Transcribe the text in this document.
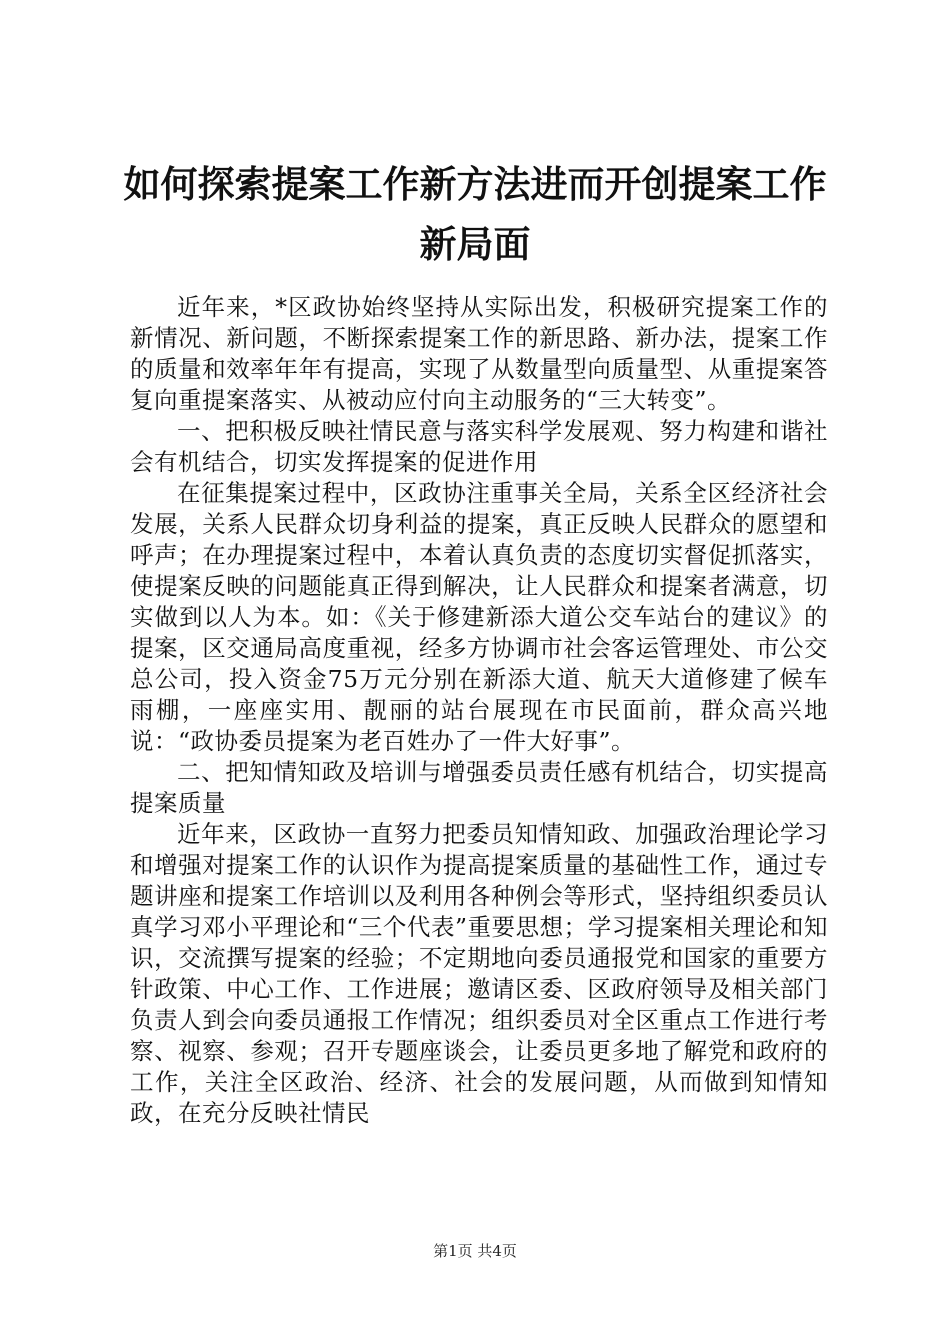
如何探索提案工作新方法进而开创提案工作新局面

近年来，*区政协始终坚持从实际出发，积极研究提案工作的新情况、新问题，不断探索提案工作的新思路、新办法，提案工作的质量和效率年年有提高，实现了从数量型向质量型、从重提案答复向重提案落实、从被动应付向主动服务的“三大转变”。

一、把积极反映社情民意与落实科学发展观、努力构建和谐社会有机结合，切实发挥提案的促进作用

在征集提案过程中，区政协注重事关全局，关系全区经济社会发展，关系人民群众切身利益的提案，真正反映人民群众的愿望和呼声；在办理提案过程中，本着认真负责的态度切实督促抓落实，使提案反映的问题能真正得到解决，让人民群众和提案者满意，切实做到以人为本。如：《关于修建新添大道公交车站台的建议》的提案，区交通局高度重视，经多方协调市社会客运管理处、市公交总公司，投入资金75万元分别在新添大道、航天大道修建了候车雨棚，一座座实用、靓丽的站台展现在市民面前，群众高兴地说：“政协委员提案为老百姓办了一件大好事”。

二、把知情知政及培训与增强委员责任感有机结合，切实提高提案质量

近年来，区政协一直努力把委员知情知政、加强政治理论学习和增强对提案工作的认识作为提高提案质量的基础性工作，通过专题讲座和提案工作培训以及利用各种例会等形式，坚持组织委员认真学习邓小平理论和“三个代表”重要思想；学习提案相关理论和知识，交流撰写提案的经验；不定期地向委员通报党和国家的重要方针政策、中心工作、工作进展；邀请区委、区政府领导及相关部门负责人到会向委员通报工作情况；组织委员对全区重点工作进行考察、视察、参观；召开专题座谈会，让委员更多地了解党和政府的工作，关注全区政治、经济、社会的发展问题，从而做到知情知政，在充分反映社情民

第1页 共4页
